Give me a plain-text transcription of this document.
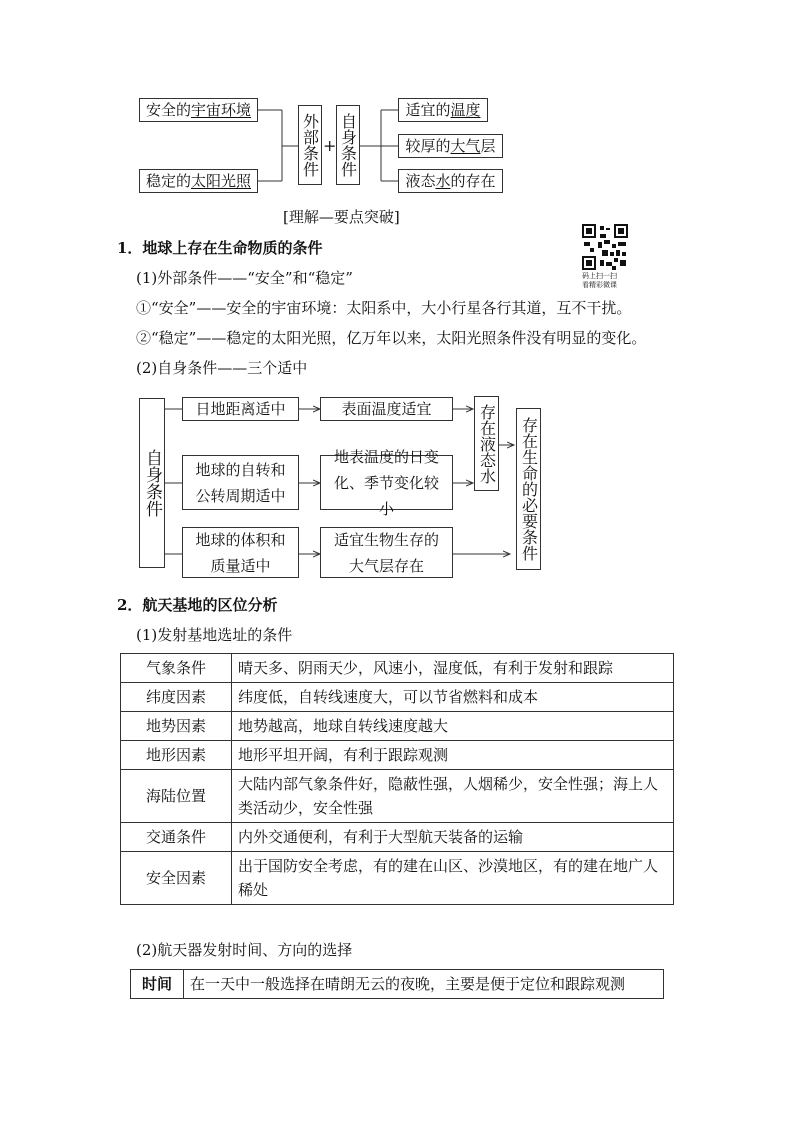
安全的 宇宙环境
稳定的 太阳光照
外部条件 + 自身条件
适宜的 温度
较厚的 大气 层
液态 水 的存在
[理解—要点突破]
码上扫一扫
看精彩微课
1．地球上存在生命物质的条件
(1)外部条件——“安全”和“稳定”
①“安全”——安全的宇宙环境：太阳系中，大小行星各行其道，互不干扰。
②“稳定”——稳定的太阳光照，亿万年以来，太阳光照条件没有明显的变化。
(2)自身条件——三个适中
自身条件
日地距离适中
地球的自转和公转周期适中
地球的体积和质量适中
表面温度适宜
地表温度的日变化、季节变化较小
适宜生物生存的大气层存在
存在液态水 存在生命的必要条件
2．航天基地的区位分析
(1)发射基地选址的条件
气象条件	晴天多、阴雨天少，风速小，湿度低，有利于发射和跟踪
纬度因素	纬度低，自转线速度大，可以节省燃料和成本
地势因素	地势越高，地球自转线速度越大
地形因素	地形平坦开阔，有利于跟踪观测
海陆位置	大陆内部气象条件好，隐蔽性强，人烟稀少，安全性强；海上人类活动少，安全性强
交通条件	内外交通便利，有利于大型航天装备的运输
安全因素	出于国防安全考虑，有的建在山区、沙漠地区，有的建在地广人稀处
(2)航天器发射时间、方向的选择
时间	在一天中一般选择在晴朗无云的夜晚，主要是便于定位和跟踪观测
